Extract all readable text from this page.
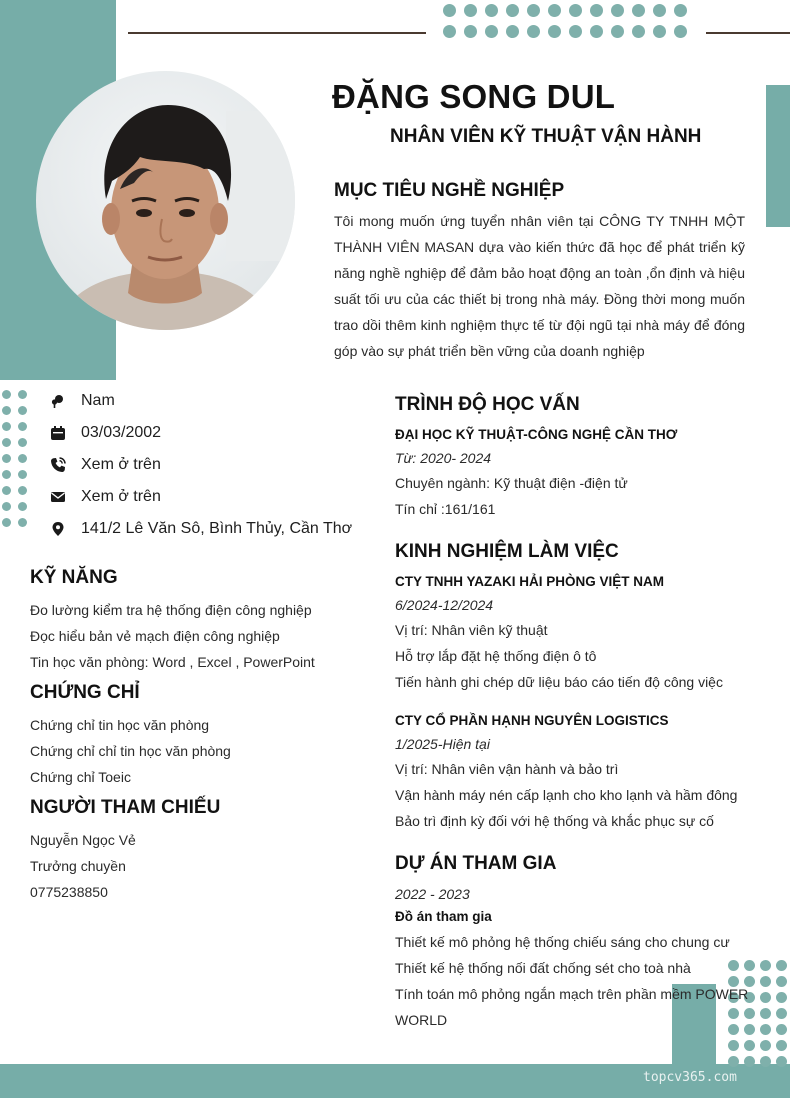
ĐẶNG SONG DUL
NHÂN VIÊN KỸ THUẬT VẬN HÀNH
MỤC TIÊU NGHỀ NGHIỆP
Tôi mong muốn ứng tuyển nhân viên tại CÔNG TY TNHH MỘT THÀNH VIÊN MASAN dựa vào kiến thức đã học để phát triển kỹ năng nghề nghiệp để đảm bảo hoạt động an toàn ,ổn định và hiệu suất tối ưu của các thiết bị trong nhà máy. Đồng thời mong muốn trao dồi thêm kinh nghiệm thực tế từ đội ngũ tại nhà máy để đóng góp vào sự phát triển bền vững của doanh nghiệp
Nam
03/03/2002
Xem ở trên
Xem ở trên
141/2 Lê Văn Sô, Bình Thủy, Cần Thơ
KỸ NĂNG
Đo lường kiểm tra hệ thống điện công nghiệp
Đọc hiểu bản vẻ mạch điện công nghiệp
Tin học văn phòng: Word , Excel , PowerPoint
CHỨNG CHỈ
Chứng chỉ tin học văn phòng
Chứng chỉ chỉ tin học văn phòng
Chứng chỉ Toeic
NGƯỜI THAM CHIẾU
Nguyễn Ngọc Vẻ
Trưởng chuyền
0775238850
TRÌNH ĐỘ HỌC VẤN
ĐẠI HỌC KỸ THUẬT-CÔNG NGHỆ CẦN THƠ
Từ: 2020- 2024
Chuyên ngành: Kỹ thuật điện -điện tử
Tín chỉ :161/161
KINH NGHIỆM LÀM VIỆC
CTY TNHH YAZAKI HẢI PHÒNG VIỆT NAM
6/2024-12/2024
Vị trí: Nhân viên kỹ thuật
Hỗ trợ lắp đặt hệ thống điện ô tô
Tiến hành ghi chép dữ liệu báo cáo tiến độ công việc
CTY CỔ PHẦN HẠNH NGUYÊN LOGISTICS
1/2025-Hiện tại
Vị trí: Nhân viên vận hành và bảo trì
Vận hành máy nén cấp lạnh cho kho lạnh và hầm đông
Bảo trì định kỳ đối với hệ thống và khắc phục sự cố
DỰ ÁN THAM GIA
2022 - 2023
Đồ án tham gia
Thiết kế mô phỏng hệ thống chiếu sáng cho chung cư
Thiết kế hệ thống nối đất chống sét cho toà nhà
Tính toán mô phỏng ngắn mạch trên phần mềm POWER
WORLD
topcv365.com
